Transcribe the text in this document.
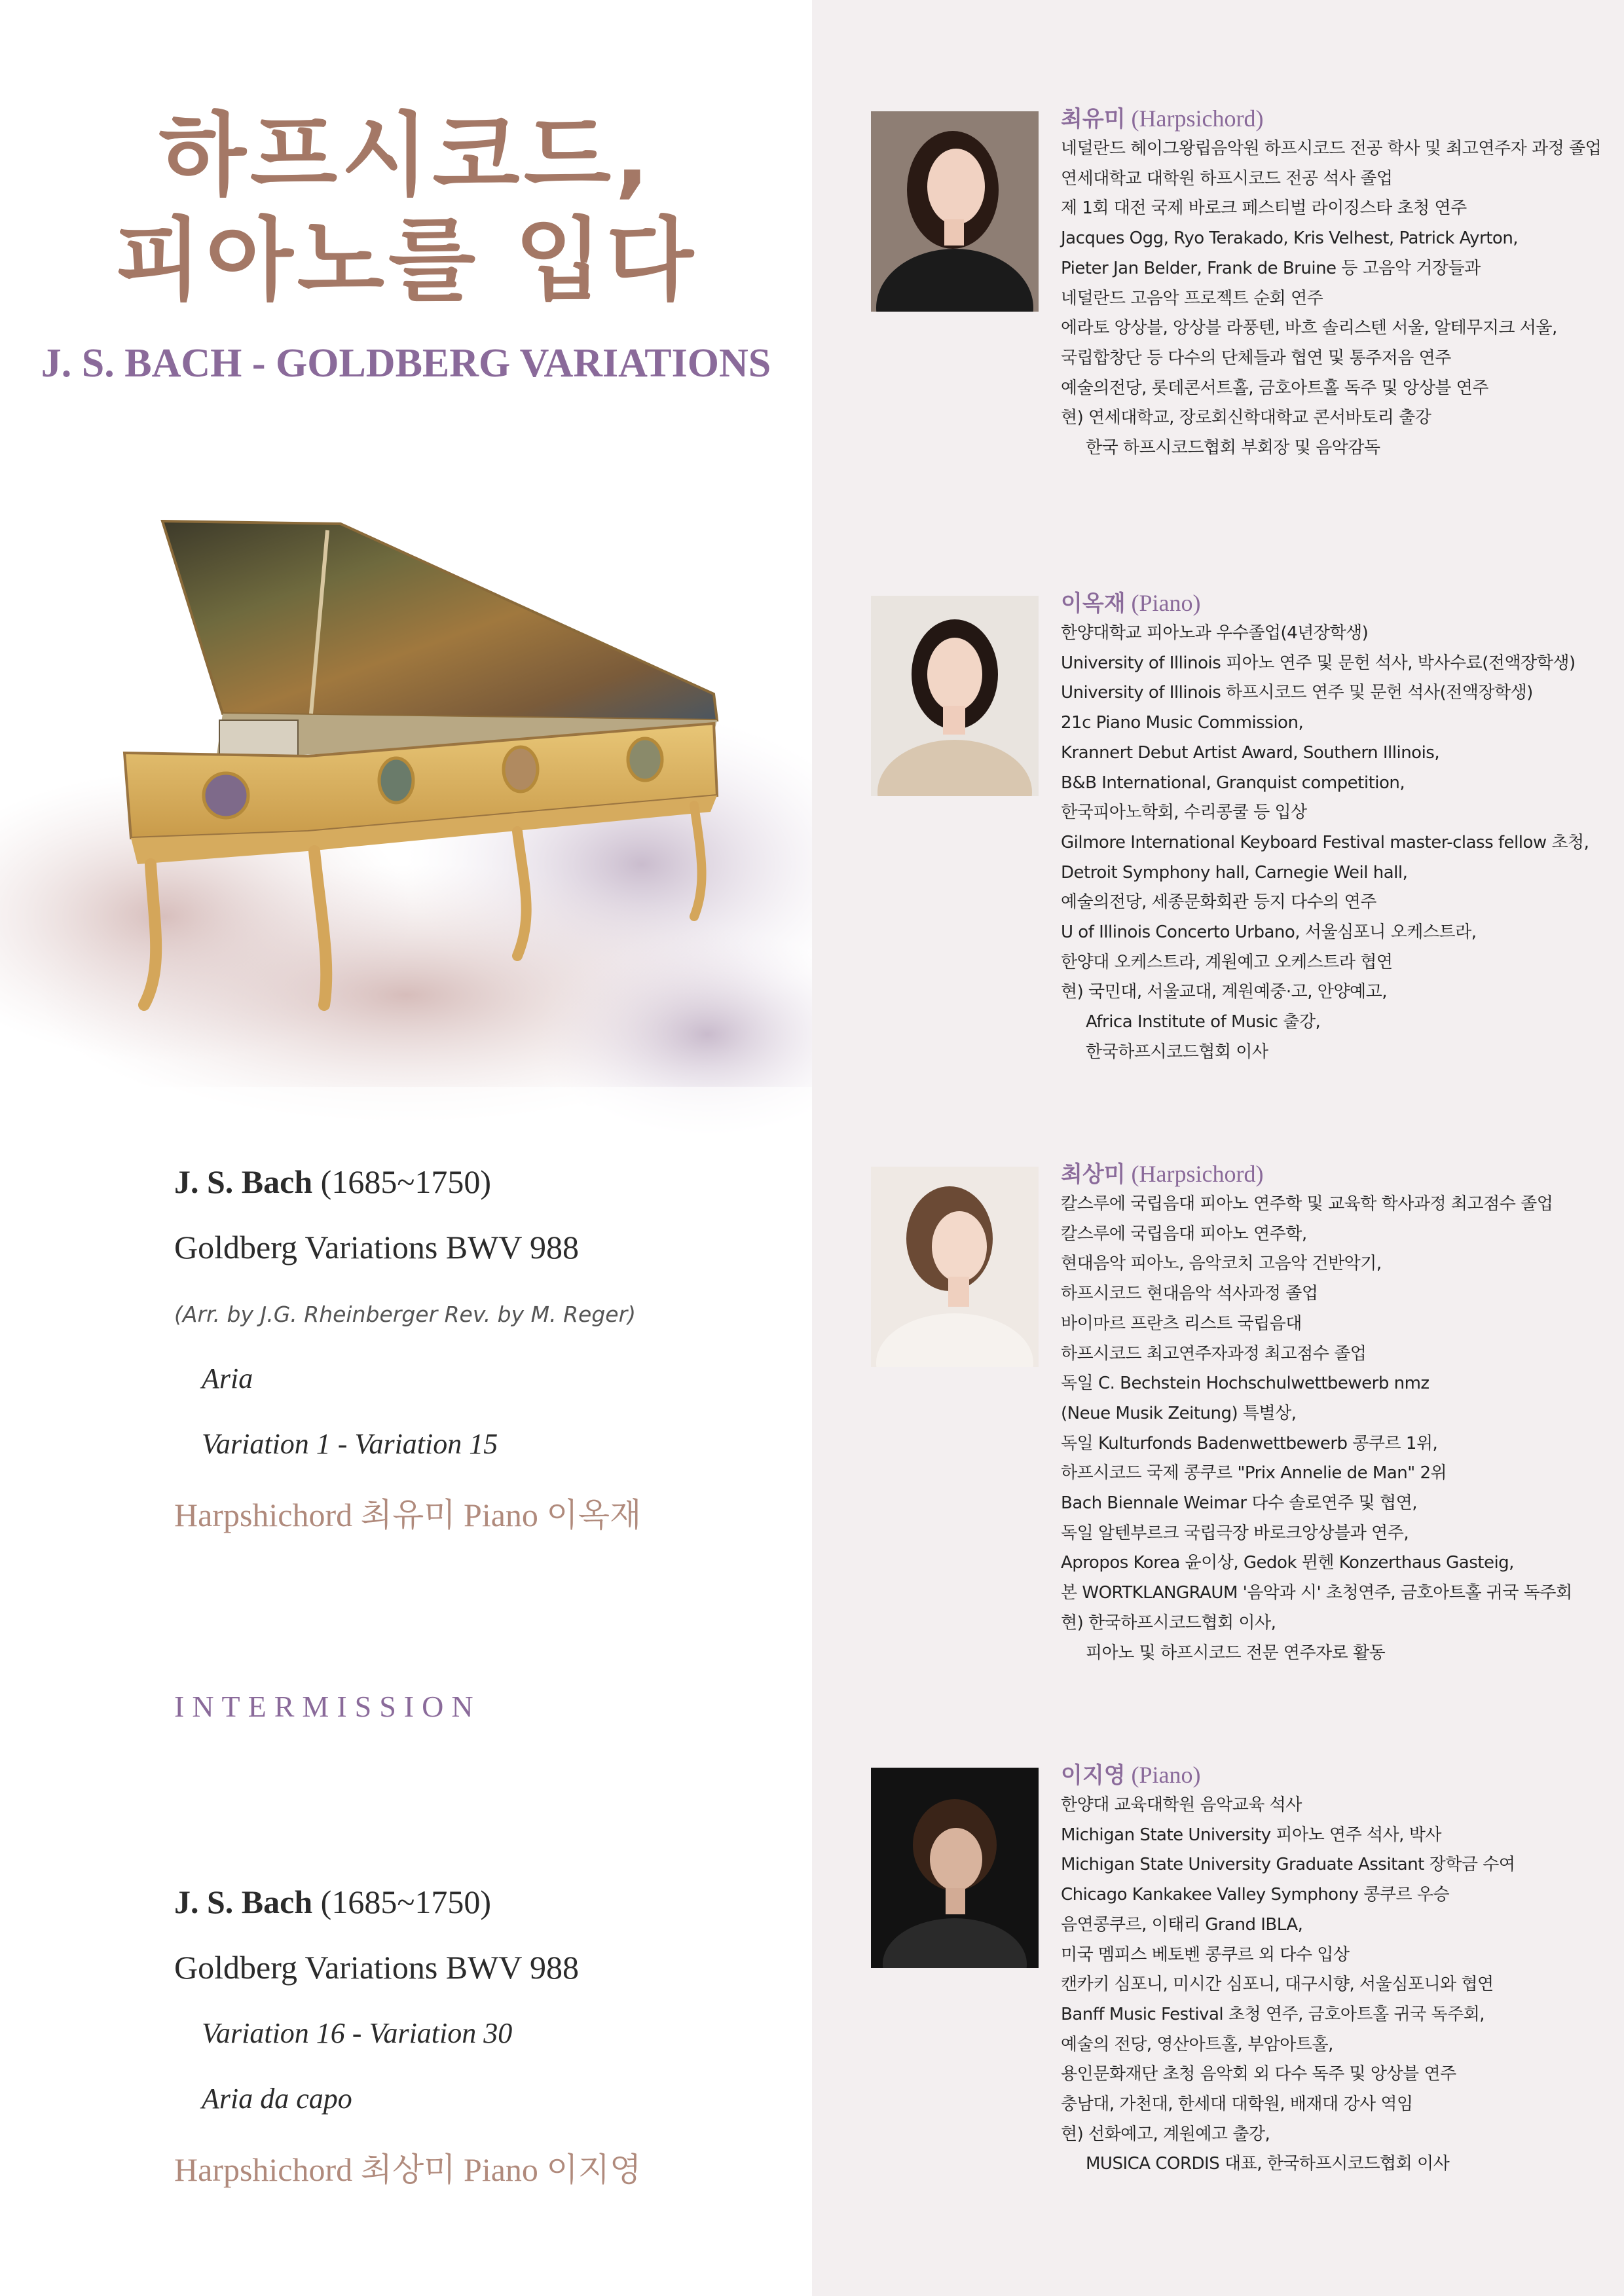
하프시코드,
피아노를 입다
J. S. BACH - GOLDBERG VARIATIONS
J. S. Bach (1685~1750)
Goldberg Variations BWV 988
(Arr. by J.G. Rheinberger Rev. by M. Reger)
Aria
Variation 1 - Variation 15
Harpshichord 최유미 Piano 이옥재
INTERMISSION
J. S. Bach (1685~1750)
Goldberg Variations BWV 988
Variation 16 - Variation 30
Aria da capo
Harpshichord 최상미 Piano 이지영
최유미 (Harpsichord)
네덜란드 헤이그왕립음악원 하프시코드 전공 학사 및 최고연주자 과정 졸업
연세대학교 대학원 하프시코드 전공 석사 졸업
제 1회 대전 국제 바로크 페스티벌 라이징스타 초청 연주
Jacques Ogg, Ryo Terakado, Kris Velhest, Patrick Ayrton,
Pieter Jan Belder, Frank de Bruine 등 고음악 거장들과
네덜란드 고음악 프로젝트 순회 연주
에라토 앙상블, 앙상블 라풍텐, 바흐 솔리스텐 서울, 알테무지크 서울,
국립합창단 등 다수의 단체들과 협연 및 통주저음 연주
예술의전당, 롯데콘서트홀, 금호아트홀 독주 및 앙상블 연주
현) 연세대학교, 장로회신학대학교 콘서바토리 출강
한국 하프시코드협회 부회장 및 음악감독
이옥재 (Piano)
한양대학교 피아노과 우수졸업(4년장학생)
University of Illinois 피아노 연주 및 문헌 석사, 박사수료(전액장학생)
University of Illinois 하프시코드 연주 및 문헌 석사(전액장학생)
21c Piano Music Commission,
Krannert Debut Artist Award, Southern Illinois,
B&B International, Granquist competition,
한국피아노학회, 수리콩쿨 등 입상
Gilmore International Keyboard Festival master-class fellow 초청,
Detroit Symphony hall, Carnegie Weil hall,
예술의전당, 세종문화회관 등지 다수의 연주
U of Illinois Concerto Urbano, 서울심포니 오케스트라,
한양대 오케스트라, 계원예고 오케스트라 협연
현) 국민대, 서울교대, 계원예중·고, 안양예고,
Africa Institute of Music 출강,
한국하프시코드협회 이사
최상미 (Harpsichord)
칼스루에 국립음대 피아노 연주학 및 교육학 학사과정 최고점수 졸업
칼스루에 국립음대 피아노 연주학,
현대음악 피아노, 음악코치 고음악 건반악기,
하프시코드 현대음악 석사과정 졸업
바이마르 프란츠 리스트 국립음대
하프시코드 최고연주자과정 최고점수 졸업
독일 C. Bechstein Hochschulwettbewerb nmz
(Neue Musik Zeitung) 특별상,
독일 Kulturfonds Badenwettbewerb 콩쿠르 1위,
하프시코드 국제 콩쿠르 "Prix Annelie de Man" 2위
Bach Biennale Weimar 다수 솔로연주 및 협연,
독일 알텐부르크 국립극장 바로크앙상블과 연주,
Apropos Korea 윤이상, Gedok 뮌헨 Konzerthaus Gasteig,
본 WORTKLANGRAUM '음악과 시' 초청연주, 금호아트홀 귀국 독주회
현) 한국하프시코드협회 이사,
피아노 및 하프시코드 전문 연주자로 활동
이지영 (Piano)
한양대 교육대학원 음악교육 석사
Michigan State University 피아노 연주 석사, 박사
Michigan State University Graduate Assitant 장학금 수여
Chicago Kankakee Valley Symphony 콩쿠르 우승
음연콩쿠르, 이태리 Grand IBLA,
미국 멤피스 베토벤 콩쿠르 외 다수 입상
캔카키 심포니, 미시간 심포니, 대구시향, 서울심포니와 협연
Banff Music Festival 초청 연주, 금호아트홀 귀국 독주회,
예술의 전당, 영산아트홀, 부암아트홀,
용인문화재단 초청 음악회 외 다수 독주 및 앙상블 연주
충남대, 가천대, 한세대 대학원, 배재대 강사 역임
현) 선화예고, 계원예고 출강,
MUSICA CORDIS 대표, 한국하프시코드협회 이사
